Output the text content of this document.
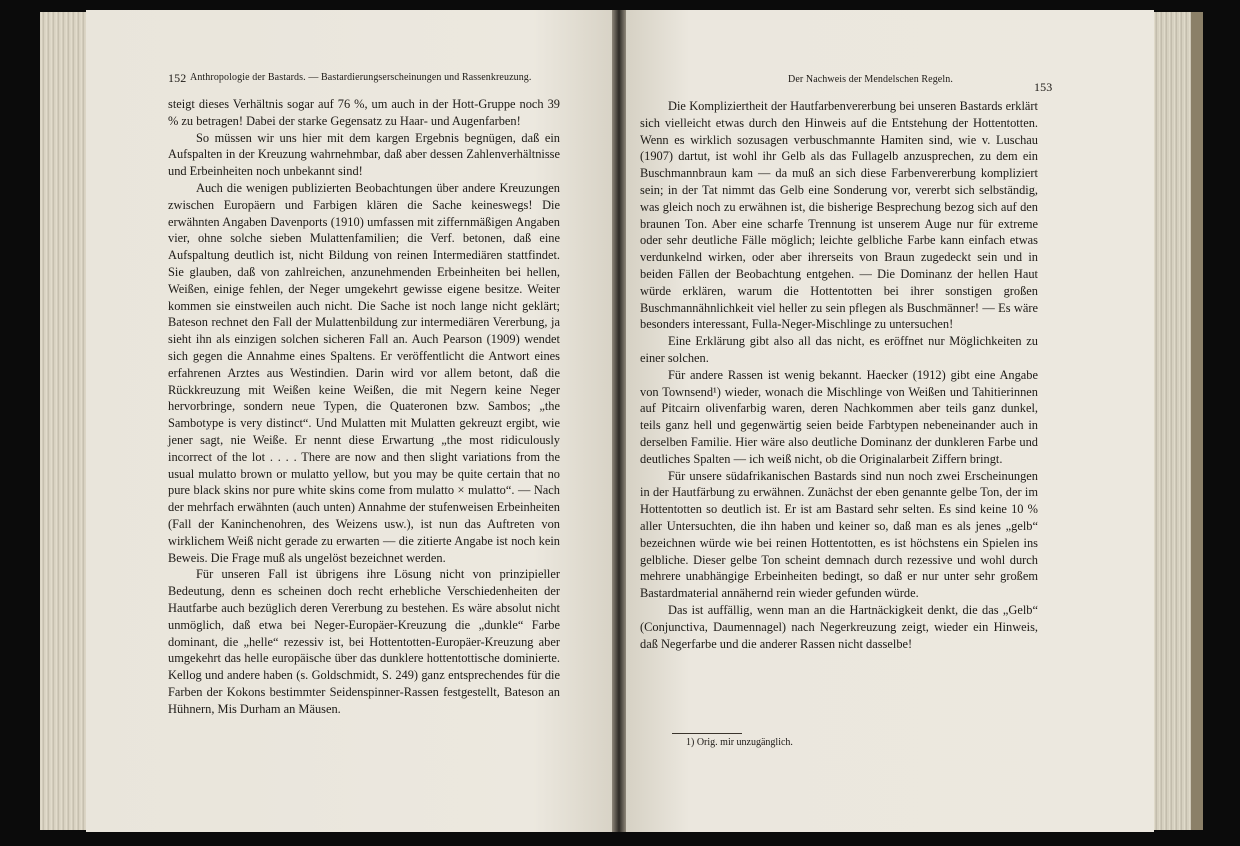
152 Anthropologie der Bastards. — Bastardierungserscheinungen und Rassenkreuzung.

steigt dieses Verhältnis sogar auf 76 %, um auch in der Hott-Gruppe noch 39 % zu betragen! Dabei der starke Gegensatz zu Haar- und Augenfarben!

So müssen wir uns hier mit dem kargen Ergebnis begnügen, daß ein Aufspalten in der Kreuzung wahrnehmbar, daß aber dessen Zahlenverhältnisse und Erbeinheiten noch unbekannt sind!

Auch die wenigen publizierten Beobachtungen über andere Kreuzungen zwischen Europäern und Farbigen klären die Sache keineswegs! Die erwähnten Angaben Davenports (1910) umfassen mit ziffernmäßigen Angaben vier, ohne solche sieben Mulattenfamilien; die Verf. betonen, daß eine Aufspaltung deutlich ist, nicht Bildung von reinen Intermediären stattfindet. Sie glauben, daß von zahlreichen, anzunehmenden Erbeinheiten bei hellen, Weißen, einige fehlen, der Neger umgekehrt gewisse eigene besitze. Weiter kommen sie einstweilen auch nicht. Die Sache ist noch lange nicht geklärt; Bateson rechnet den Fall der Mulattenbildung zur intermediären Vererbung, ja sieht ihn als einzigen solchen sicheren Fall an. Auch Pearson (1909) wendet sich gegen die Annahme eines Spaltens. Er veröffentlicht die Antwort eines erfahrenen Arztes aus Westindien. Darin wird vor allem betont, daß die Rückkreuzung mit Weißen keine Weißen, die mit Negern keine Neger hervorbringe, sondern neue Typen, die Quateronen bzw. Sambos; „the Sambotype is very distinct“. Und Mulatten mit Mulatten gekreuzt ergibt, wie jener sagt, nie Weiße. Er nennt diese Erwartung „the most ridiculously incorrect of the lot . . . . There are now and then slight variations from the usual mulatto brown or mulatto yellow, but you may be quite certain that no pure black skins nor pure white skins come from mulatto × mulatto“. — Nach der mehrfach erwähnten (auch unten) Annahme der stufenweisen Erbeinheiten (Fall der Kaninchenohren, des Weizens usw.), ist nun das Auftreten von wirklichem Weiß nicht gerade zu erwarten — die zitierte Angabe ist noch kein Beweis. Die Frage muß als ungelöst bezeichnet werden.

Für unseren Fall ist übrigens ihre Lösung nicht von prinzipieller Bedeutung, denn es scheinen doch recht erhebliche Verschiedenheiten der Hautfarbe auch bezüglich deren Vererbung zu bestehen. Es wäre absolut nicht unmöglich, daß etwa bei Neger-Europäer-Kreuzung die „dunkle“ Farbe dominant, die „helle“ rezessiv ist, bei Hottentotten-Europäer-Kreuzung aber umgekehrt das helle europäische über das dunklere hottentottische dominierte. Kellog und andere haben (s. Goldschmidt, S. 249) ganz entsprechendes für die Farben der Kokons bestimmter Seidenspinner-Rassen festgestellt, Bateson an Hühnern, Mis Durham an Mäusen.

Der Nachweis der Mendelschen Regeln.
153

Die Kompliziertheit der Hautfarbenvererbung bei unseren Bastards erklärt sich vielleicht etwas durch den Hinweis auf die Entstehung der Hottentotten. Wenn es wirklich sozusagen verbuschmannte Hamiten sind, wie v. Luschau (1907) dartut, ist wohl ihr Gelb als das Fullagelb anzusprechen, zu dem ein Buschmannbraun kam — da muß an sich diese Farbenvererbung kompliziert sein; in der Tat nimmt das Gelb eine Sonderung vor, vererbt sich selbständig, was gleich noch zu erwähnen ist, die bisherige Besprechung bezog sich auf den braunen Ton. Aber eine scharfe Trennung ist unserem Auge nur für extreme oder sehr deutliche Fälle möglich; leichte gelbliche Farbe kann einfach etwas verdunkelnd wirken, oder aber ihrerseits von Braun zugedeckt sein und in beiden Fällen der Beobachtung entgehen. — Die Dominanz der hellen Haut würde erklären, warum die Hottentotten bei ihrer sonstigen großen Buschmannähnlichkeit viel heller zu sein pflegen als Buschmänner! — Es wäre besonders interessant, Fulla-Neger-Mischlinge zu untersuchen!

Eine Erklärung gibt also all das nicht, es eröffnet nur Möglichkeiten zu einer solchen.

Für andere Rassen ist wenig bekannt. Haecker (1912) gibt eine Angabe von Townsend¹) wieder, wonach die Mischlinge von Weißen und Tahitierinnen auf Pitcairn olivenfarbig waren, deren Nachkommen aber teils ganz dunkel, teils ganz hell und gegenwärtig seien beide Farbtypen nebeneinander auch in derselben Familie. Hier wäre also deutliche Dominanz der dunkleren Farbe und deutliches Spalten — ich weiß nicht, ob die Originalarbeit Ziffern bringt.

Für unsere südafrikanischen Bastards sind nun noch zwei Erscheinungen in der Hautfärbung zu erwähnen. Zunächst der eben genannte gelbe Ton, der im Hottentotten so deutlich ist. Er ist am Bastard sehr selten. Es sind keine 10 % aller Untersuchten, die ihn haben und keiner so, daß man es als jenes „gelb“ bezeichnen würde wie bei reinen Hottentotten, es ist höchstens ein Spielen ins gelbliche. Dieser gelbe Ton scheint demnach durch rezessive und wohl durch mehrere unabhängige Erbeinheiten bedingt, so daß er nur unter sehr großem Bastardmaterial annähernd rein wieder gefunden würde.

Das ist auffällig, wenn man an die Hartnäckigkeit denkt, die das „Gelb“ (Conjunctiva, Daumennagel) nach Negerkreuzung zeigt, wieder ein Hinweis, daß Negerfarbe und die anderer Rassen nicht dasselbe!

1) Orig. mir unzugänglich.
